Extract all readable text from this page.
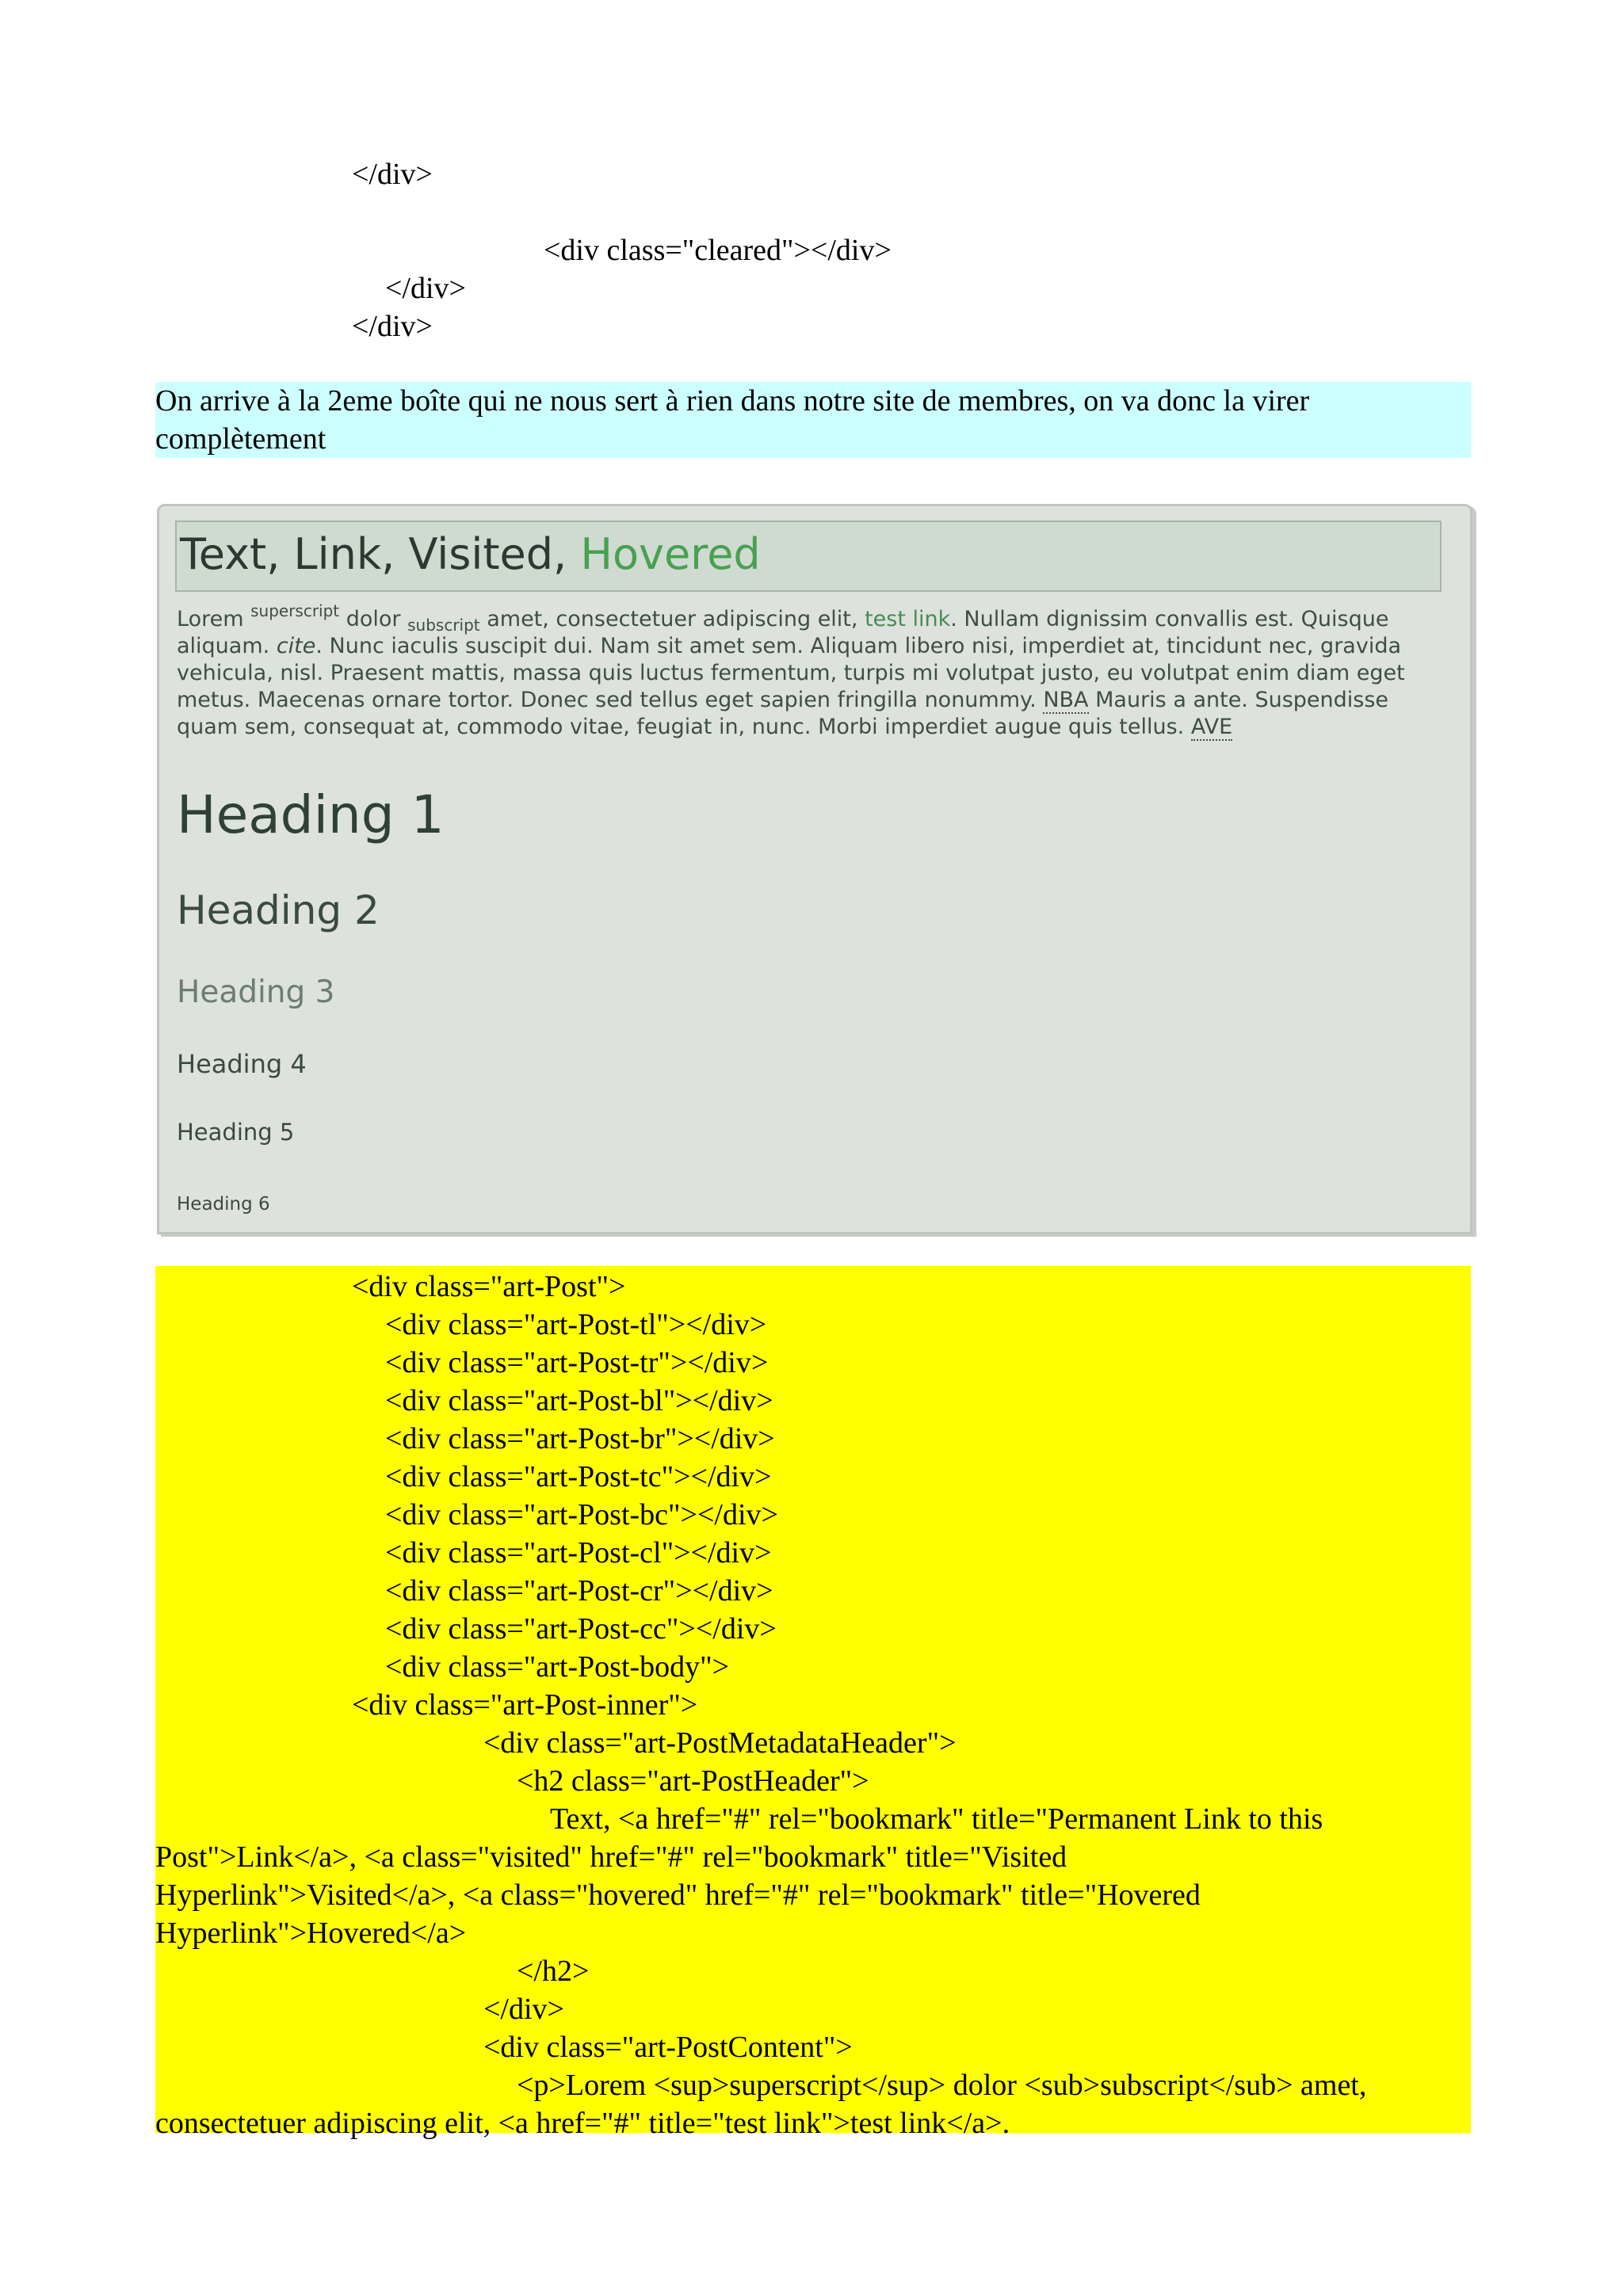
</div>
<div class="cleared"></div>
</div>
</div>
On arrive à la 2eme boîte qui ne nous sert à rien dans notre site de membres, on va donc la virer complètement
Text, Link, Visited, Hovered
Lorem $^{superscript}$ dolor $_{subscript}$ amet, consectetuer adipiscing elit, test link. Nullam dignissim convallis est. Quisque aliquam. cite. Nunc iaculis suscipit dui. Nam sit amet sem. Aliquam libero nisi, imperdiet at, tincidunt nec, gravida vehicula, nisl. Praesent mattis, massa quis luctus fermentum, turpis mi volutpat justo, eu volutpat enim diam eget metus. Maecenas ornare tortor. Donec sed tellus eget sapien fringilla nonummy. NBA Mauris a ante. Suspendisse quam sem, consequat at, commodo vitae, feugiat in, nunc. Morbi imperdiet augue quis tellus. AVE
Heading 1
Heading 2
Heading 3
Heading 4
Heading 5
Heading 6
<div class="art-Post">
<div class="art-Post-tl"></div>
<div class="art-Post-tr"></div>
<div class="art-Post-bl"></div>
<div class="art-Post-br"></div>
<div class="art-Post-tc"></div>
<div class="art-Post-bc"></div>
<div class="art-Post-cl"></div>
<div class="art-Post-cr"></div>
<div class="art-Post-cc"></div>
<div class="art-Post-body">
<div class="art-Post-inner">
<div class="art-PostMetadataHeader">
<h2 class="art-PostHeader">
Text, <a href="#" rel="bookmark" title="Permanent Link to this
Post">Link</a>, <a class="visited" href="#" rel="bookmark" title="Visited
Hyperlink">Visited</a>, <a class="hovered" href="#" rel="bookmark" title="Hovered
Hyperlink">Hovered</a>
</h2>
</div>
<div class="art-PostContent">
<p>Lorem <sup>superscript</sup> dolor <sub>subscript</sub> amet,
consectetuer adipiscing elit, <a href="#" title="test link">test link</a>.
